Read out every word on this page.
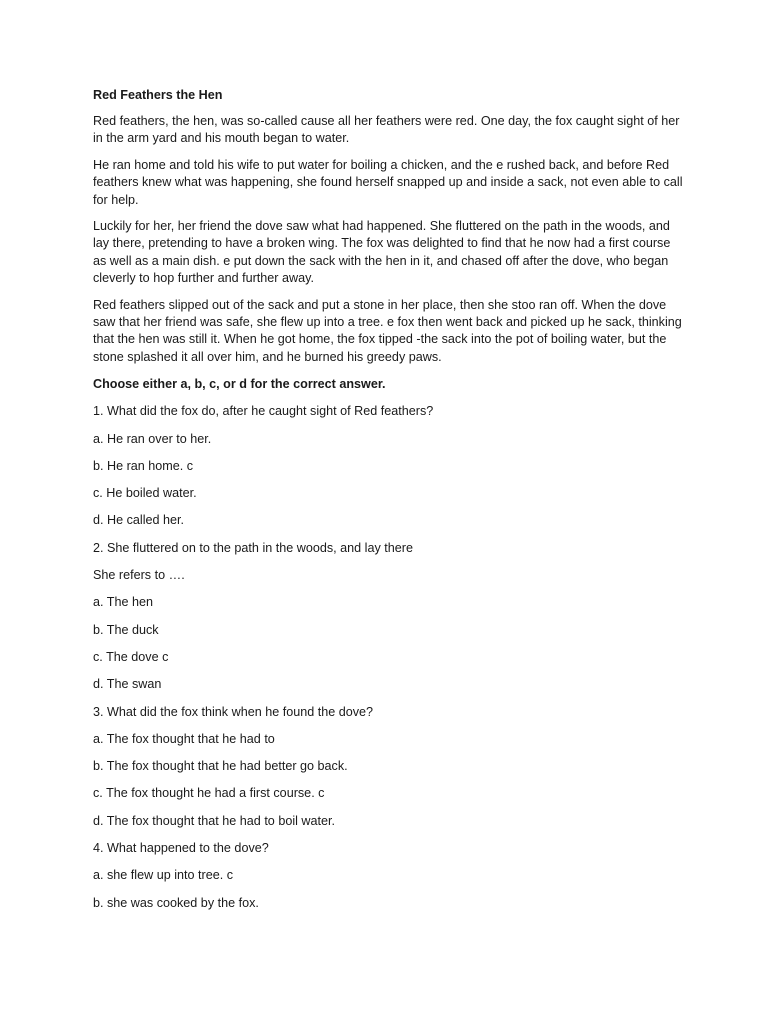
Red Feathers the Hen
Red feathers, the hen, was so-called cause all her feathers were red. One day, the fox caught sight of her in the arm yard and his mouth began to water.
He ran home and told his wife to put water for boiling a chicken, and the e rushed back, and before Red feathers knew what was happening, she found herself snapped up and inside a sack, not even able to call for help.
Luckily for her, her friend the dove saw what had happened. She fluttered on the path in the woods, and lay there, pretending to have a broken wing. The fox was delighted to find that he now had a first course as well as a main dish. e put down the sack with the hen in it, and chased off after the dove, who began cleverly to hop further and further away.
Red feathers slipped out of the sack and put a stone in her place, then she stoo ran off. When the dove saw that her friend was safe, she flew up into a tree. e fox then went back and picked up he sack, thinking that the hen was still it. When he got home, the fox tipped -the sack into the pot of boiling water, but the stone splashed it all over him, and he burned his greedy paws.
Choose either a, b, c, or d for the correct answer.
1. What did the fox do, after he caught sight of Red feathers?
a. He ran over to her.
b. He ran home. c
c. He boiled water.
d. He called her.
2. She fluttered on to the path in the woods, and lay there
She refers to ….
a. The hen
b. The duck
c. The dove c
d. The swan
3. What did the fox think when he found the dove?
a. The fox thought that he had to
b. The fox thought that he had better go back.
c. The fox thought he had a first course. c
d. The fox thought that he had to boil water.
4. What happened to the dove?
a. she flew up into tree. c
b. she was cooked by the fox.
